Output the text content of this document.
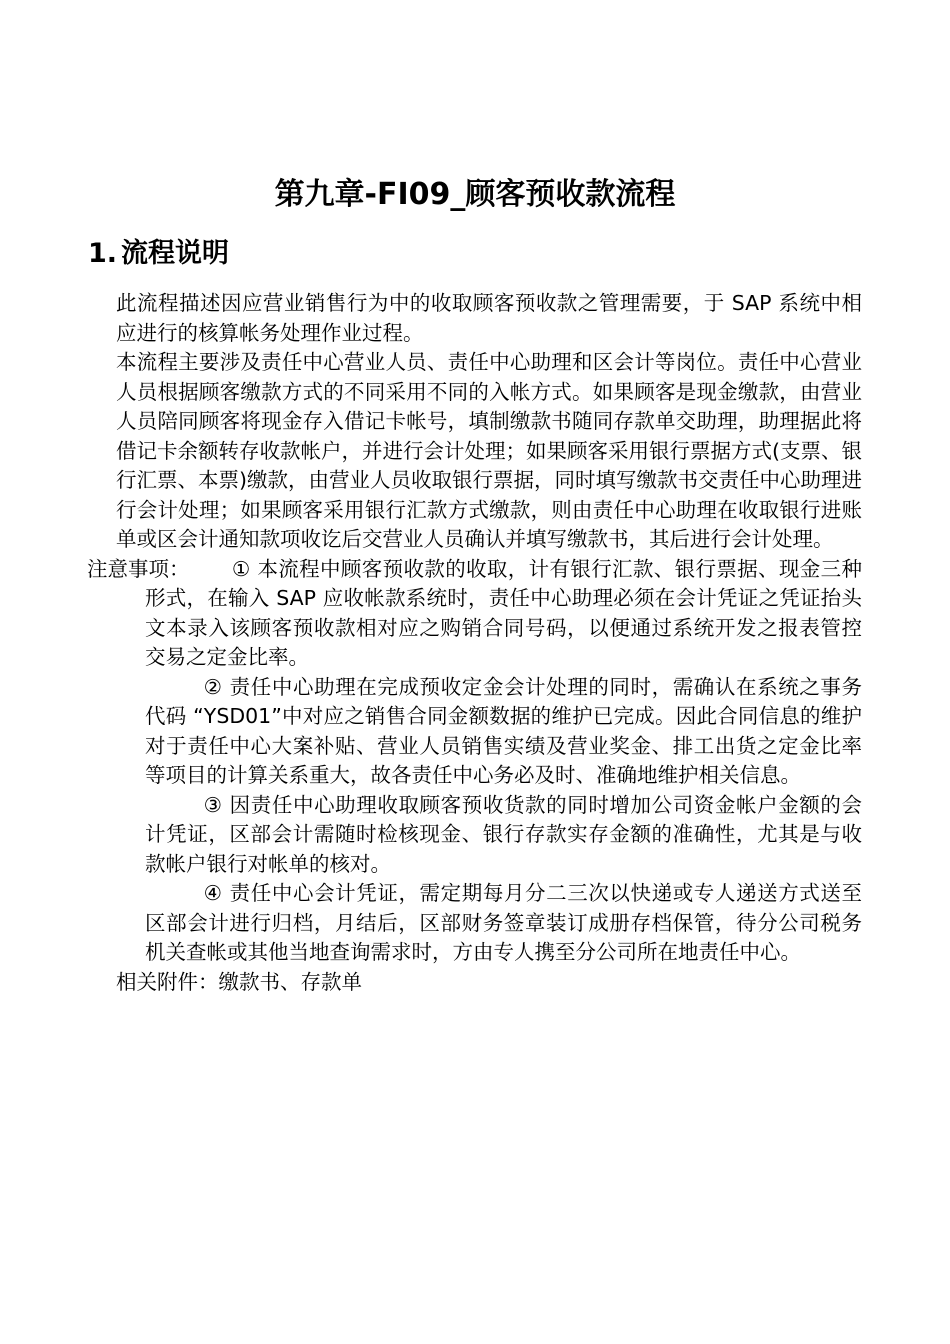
第九章-FI09_顾客预收款流程
1. 流程说明

此流程描述因应营业销售行为中的收取顾客预收款之管理需要，于 SAP 系统中相应进行的核算帐务处理作业过程。

本流程主要涉及责任中心营业人员、责任中心助理和区会计等岗位。责任中心营业人员根据顾客缴款方式的不同采用不同的入帐方式。如果顾客是现金缴款，由营业人员陪同顾客将现金存入借记卡帐号，填制缴款书随同存款单交助理，助理据此将借记卡余额转存收款帐户，并进行会计处理；如果顾客采用银行票据方式(支票、银行汇票、本票)缴款，由营业人员收取银行票据，同时填写缴款书交责任中心助理进行会计处理；如果顾客采用银行汇款方式缴款，则由责任中心助理在收取银行进账单或区会计通知款项收讫后交营业人员确认并填写缴款书，其后进行会计处理。

注意事项： ① 本流程中顾客预收款的收取，计有银行汇款、银行票据、现金三种形式，在输入 SAP 应收帐款系统时，责任中心助理必须在会计凭证之凭证抬头文本录入该顾客预收款相对应之购销合同号码，以便通过系统开发之报表管控交易之定金比率。

② 责任中心助理在完成预收定金会计处理的同时，需确认在系统之事务代码 “YSD01”中对应之销售合同金额数据的维护已完成。因此合同信息的维护对于责任中心大案补贴、营业人员销售实绩及营业奖金、排工出货之定金比率等项目的计算关系重大，故各责任中心务必及时、准确地维护相关信息。

③ 因责任中心助理收取顾客预收货款的同时增加公司资金帐户金额的会计凭证，区部会计需随时检核现金、银行存款实存金额的准确性，尤其是与收款帐户银行对帐单的核对。

④ 责任中心会计凭证，需定期每月分二三次以快递或专人递送方式送至区部会计进行归档，月结后，区部财务签章装订成册存档保管，待分公司税务机关查帐或其他当地查询需求时，方由专人携至分公司所在地责任中心。

相关附件：缴款书、存款单
